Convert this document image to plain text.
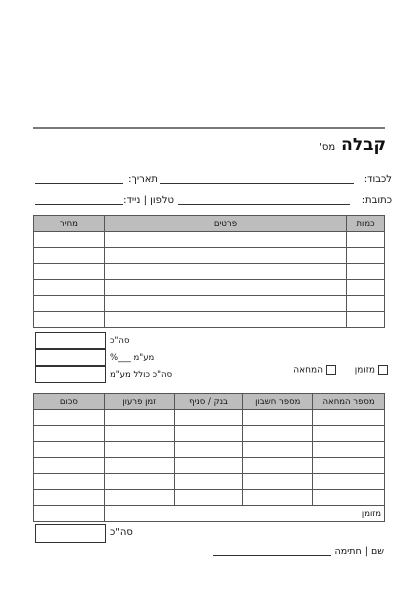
קבלהמס'
לכבוד:
תאריך:
כתובת:
טלפון | נייד:
כמות	פרטים	מחיר

סה"כ
מע"מ ___%
סה"כ כולל מע"מ	מזומן
המחאה
מספר המחאה	מספר חשבון	בנק / סניף	זמן פרעון	סכום

מזומן				
סה"כ
שם | חתימה
